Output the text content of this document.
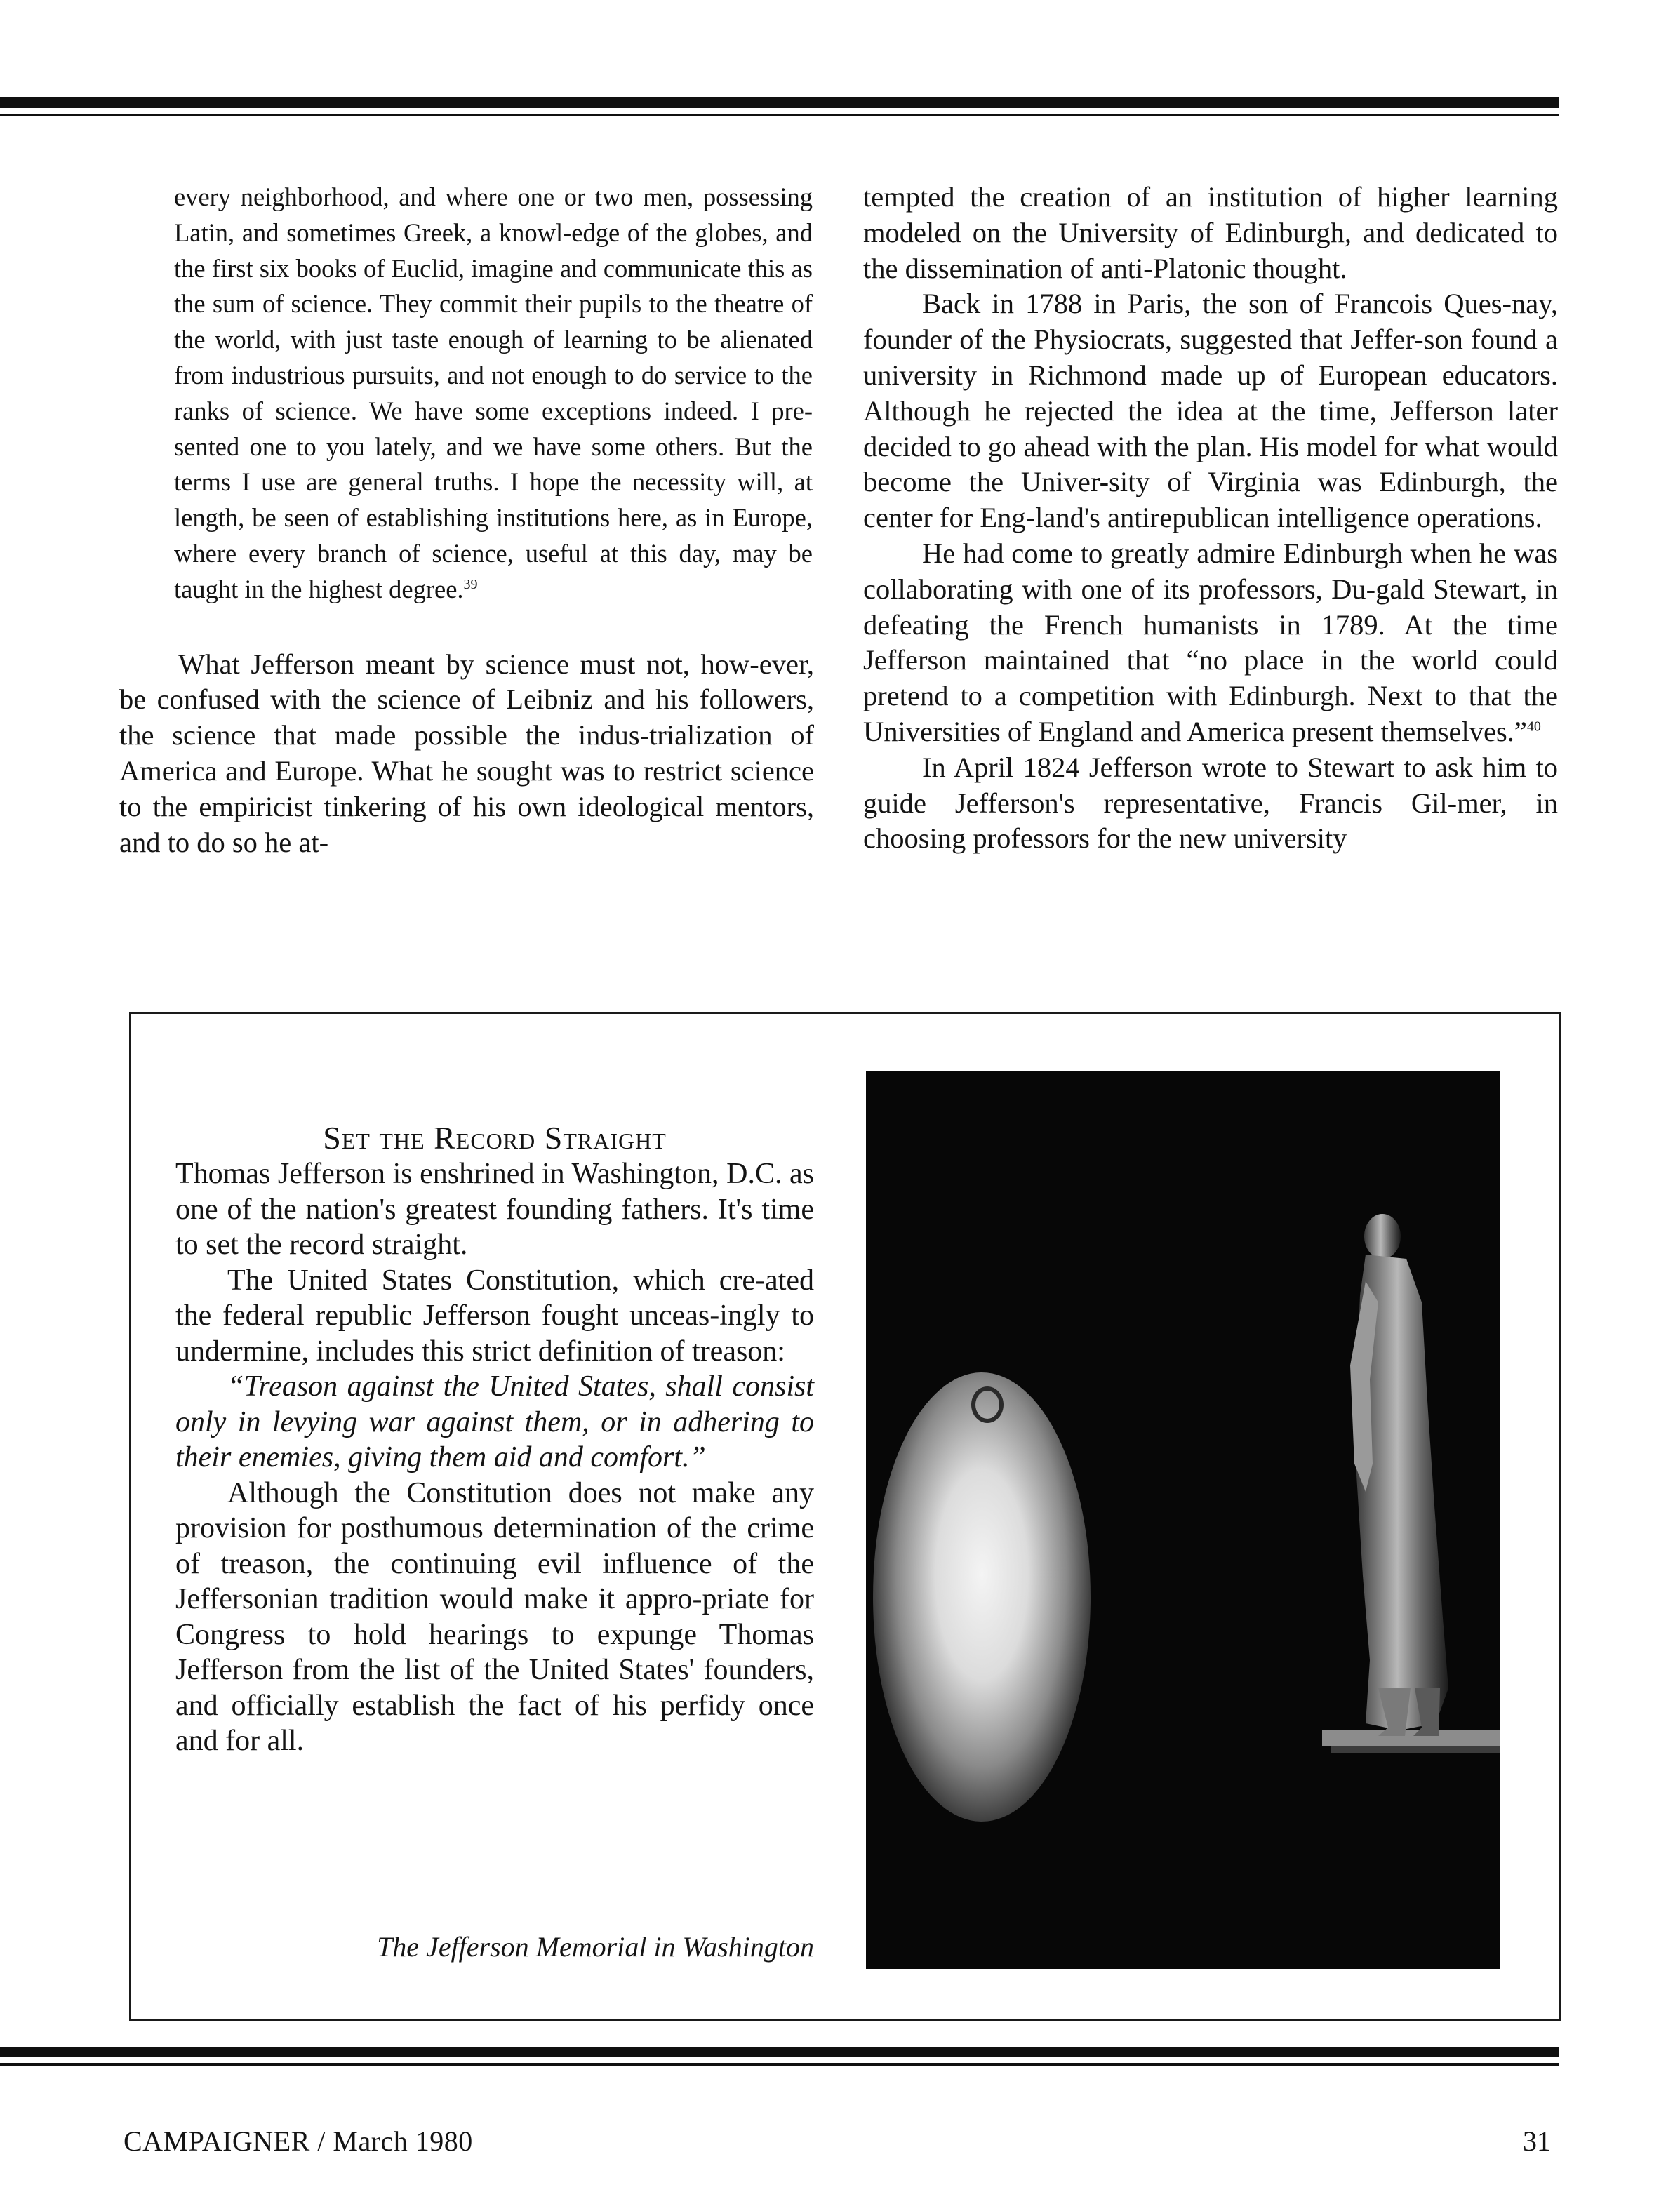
every neighborhood, and where one or two men, possessing Latin, and sometimes Greek, a knowl-edge of the globes, and the first six books of Euclid, imagine and communicate this as the sum of science. They commit their pupils to the theatre of the world, with just taste enough of learning to be alienated from industrious pursuits, and not enough to do service to the ranks of science. We have some exceptions indeed. I pre-sented one to you lately, and we have some others. But the terms I use are general truths. I hope the necessity will, at length, be seen of establishing institutions here, as in Europe, where every branch of science, useful at this day, may be taught in the highest degree.$^{39}$

What Jefferson meant by science must not, how-ever, be confused with the science of Leibniz and his followers, the science that made possible the indus-trialization of America and Europe. What he sought was to restrict science to the empiricist tinkering of his own ideological mentors, and to do so he at-

tempted the creation of an institution of higher learning modeled on the University of Edinburgh, and dedicated to the dissemination of anti-Platonic thought.

Back in 1788 in Paris, the son of Francois Ques-nay, founder of the Physiocrats, suggested that Jeffer-son found a university in Richmond made up of European educators. Although he rejected the idea at the time, Jefferson later decided to go ahead with the plan. His model for what would become the Univer-sity of Virginia was Edinburgh, the center for Eng-land's antirepublican intelligence operations.

He had come to greatly admire Edinburgh when he was collaborating with one of its professors, Du-gald Stewart, in defeating the French humanists in 1789. At the time Jefferson maintained that “no place in the world could pretend to a competition with Edinburgh. Next to that the Universities of England and America present themselves.”$^{40}$

In April 1824 Jefferson wrote to Stewart to ask him to guide Jefferson's representative, Francis Gil-mer, in choosing professors for the new university

Set the Record Straight

Thomas Jefferson is enshrined in Washington, D.C. as one of the nation's greatest founding fathers. It's time to set the record straight.

The United States Constitution, which cre-ated the federal republic Jefferson fought unceas-ingly to undermine, includes this strict definition of treason:

“Treason against the United States, shall consist only in levying war against them, or in adhering to their enemies, giving them aid and comfort.”

Although the Constitution does not make any provision for posthumous determination of the crime of treason, the continuing evil influence of the Jeffersonian tradition would make it appro-priate for Congress to hold hearings to expunge Thomas Jefferson from the list of the United States' founders, and officially establish the fact of his perfidy once and for all.

The Jefferson Memorial in Washington
CAMPAIGNER / March 1980	31
